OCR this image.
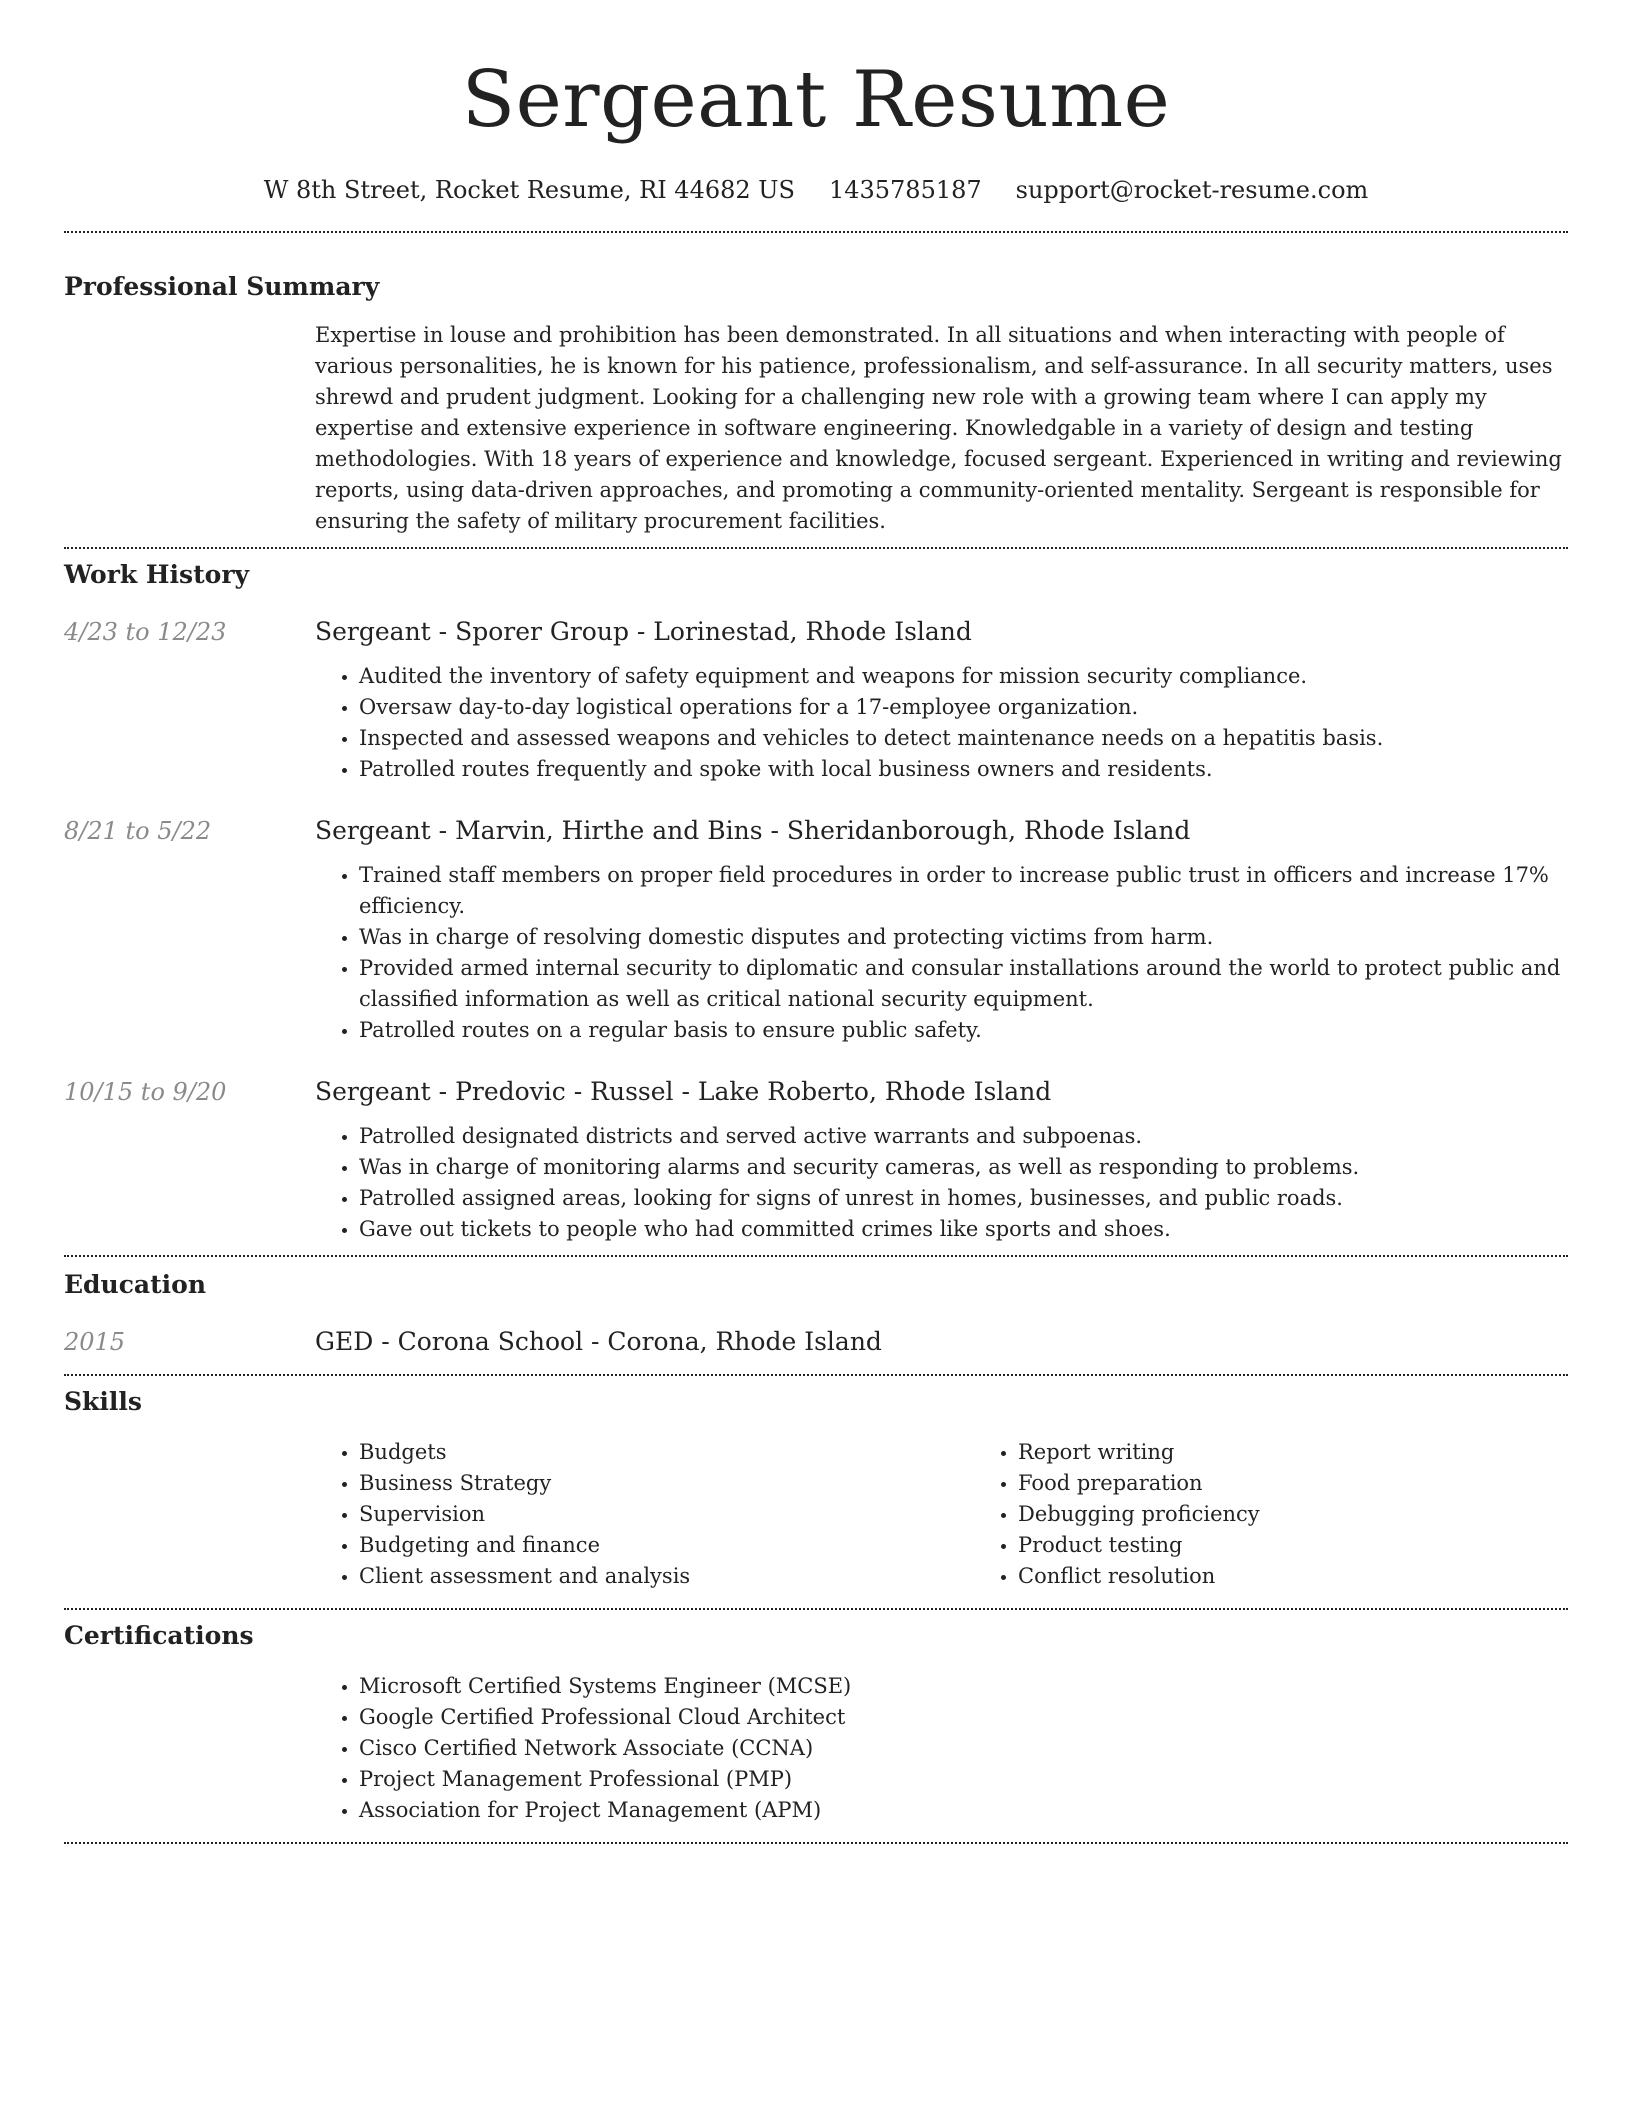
Sergeant Resume
W 8th Street, Rocket Resume, RI 44682 US 1435785187 support@rocket-resume.com
Professional Summary

Expertise in louse and prohibition has been demonstrated. In all situations and when interacting with people of various personalities, he is known for his patience, professionalism, and self-assurance. In all security matters, uses shrewd and prudent judgment. Looking for a challenging new role with a growing team where I can apply my expertise and extensive experience in software engineering. Knowledgable in a variety of design and testing methodologies. With 18 years of experience and knowledge, focused sergeant. Experienced in writing and reviewing reports, using data-driven approaches, and promoting a community-oriented mentality. Sergeant is responsible for ensuring the safety of military procurement facilities.

Work History
4/23 to 12/23	Sergeant - Sporer Group - Lorinestad, Rhode Island
• Audited the inventory of safety equipment and weapons for mission security compliance.
• Oversaw day-to-day logistical operations for a 17-employee organization.
• Inspected and assessed weapons and vehicles to detect maintenance needs on a hepatitis basis.
• Patrolled routes frequently and spoke with local business owners and residents.
8/21 to 5/22	Sergeant - Marvin, Hirthe and Bins - Sheridanborough, Rhode Island
• Trained staff members on proper field procedures in order to increase public trust in officers and increase 17% efficiency.
• Was in charge of resolving domestic disputes and protecting victims from harm.
• Provided armed internal security to diplomatic and consular installations around the world to protect public and classified information as well as critical national security equipment.
• Patrolled routes on a regular basis to ensure public safety.
10/15 to 9/20	Sergeant - Predovic - Russel - Lake Roberto, Rhode Island
• Patrolled designated districts and served active warrants and subpoenas.
• Was in charge of monitoring alarms and security cameras, as well as responding to problems.
• Patrolled assigned areas, looking for signs of unrest in homes, businesses, and public roads.
• Gave out tickets to people who had committed crimes like sports and shoes.
Education
2015	GED - Corona School - Corona, Rhode Island
Skills
• Budgets
• Business Strategy
• Supervision
• Budgeting and finance
• Client assessment and analysis
• Report writing
• Food preparation
• Debugging proficiency
• Product testing
• Conflict resolution
Certifications
• Microsoft Certified Systems Engineer (MCSE)
• Google Certified Professional Cloud Architect
• Cisco Certified Network Associate (CCNA)
• Project Management Professional (PMP)
• Association for Project Management (APM)
